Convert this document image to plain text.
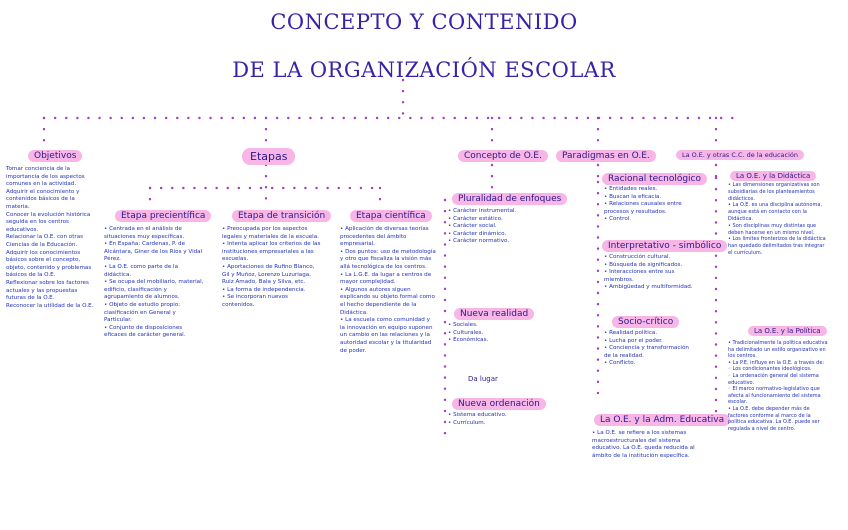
CONCEPTO Y CONTENIDO
DE LA ORGANIZACIÓN ESCOLAR
Objetivos
Tomar conciencia de la importancia de los aspectos comunes en la actividad.
Adquirir el conocimiento y contenidos básicos de la materia.
Conocer la evolución histórica seguida en los centros educativos.
Relacionar la O.E. con otras Ciencias de la Educación.
Adquirir los conocimientos básicos sobre el concepto, objeto, contenido y problemas básicos de la O.E.
Reflexionar sobre los factores actuales y las propuestas futuras de la O.E.
Reconocer la utilidad de la O.E.
Etapas
Etapa precientífica
• Centrada en el análisis de situaciones muy específicas.
• En España: Cardenas, P. de Alcántara, Giner de los Ríos y Vidal Pérez.
• La O.E. como parte de la didáctica.
• Se ocupa del mobiliario, material, edificio, clasificación y agrupamiento de alumnos.
• Objeto de estudio propio: clasificación en General y Particular.
• Conjunto de disposiciones eficaces de carácter general.
Etapa de transición
• Preocupada por los aspectos legales y materiales de la escuela.
• Intenta aplicar los criterios de las instituciones empresariales a las escuelas.
• Aportaciones de Rufino Blanco, Gil y Muñoz, Lorenzo Luzuriaga, Ruiz Amado, Bala y Silva, etc.
• La forma de independencia.
• Se incorporan nuevos contenidos.
Etapa científica
• Aplicación de diversas teorías procedentes del ámbito empresarial.
• Dos puntos: uso de metodología y otro que fiscaliza la visión más allá tecnológica de los centros.
• La L.G.E. da lugar a centros de mayor complejidad.
• Algunos autores siguen explicando su objeto formal como el hecho dependiente de la Didáctica.
• La escuela como comunidad y la innovación en equipo suponen un cambio en las relaciones y la autoridad escolar y la titularidad de poder.
Concepto de O.E.
Pluralidad de enfoques
• Carácter instrumental.
• Carácter estático.
• Carácter social.
• Carácter dinámico.
• Carácter normativo.
Nueva realidad
• Sociales.
• Culturales.
• Económicas.
Da lugar
Nueva ordenación
• Sistema educativo.
• Currículum.
Paradigmas en O.E.
Racional tecnológico
• Entidades reales.
• Buscan la eficacia.
• Relaciones causales entre procesos y resultados.
• Control.
Interpretativo - simbólico
• Construcción cultural.
• Búsqueda de significados.
• Interacciones entre sus miembros.
• Ambigüedad y multiformidad.
Socio-crítico
• Realidad política.
• Lucha por el poder.
• Conciencia y transformación de la realidad.
• Conflicto.
La O.E. y la Adm. Educativa
• La O.E. se refiere a los sistemas macroestructurales del sistema educativo. La O.E. queda reducida al ámbito de la institución específica.
La O.E. y otras C.C. de la educación
La O.E. y la Didáctica
• Las dimensiones organizativas son subsidiarias de los planteamientos didácticos.
• La O.E. es una disciplina autónoma, aunque está en contacto con la Didáctica.
• Son disciplinas muy distintas que deben hacerse en un mismo nivel.
• Los límites fronterizos de la didáctica han quedado delimitados tras integrar el currículum.
La O.E. y la Política
• Tradicionalmente la política educativa ha delimitado un estilo organizativo en los centros.
• La P.E. influye en la O.E. a través de:
◦ Los condicionantes ideológicos.
◦ La ordenación general del sistema educativo.
◦ El marco normativo-legislativo que afecta al funcionamiento del sistema escolar.
• La O.E. debe depender más de factores conforme al marco de la política educativa. La O.E. puede ser regulada a nivel de centro.
